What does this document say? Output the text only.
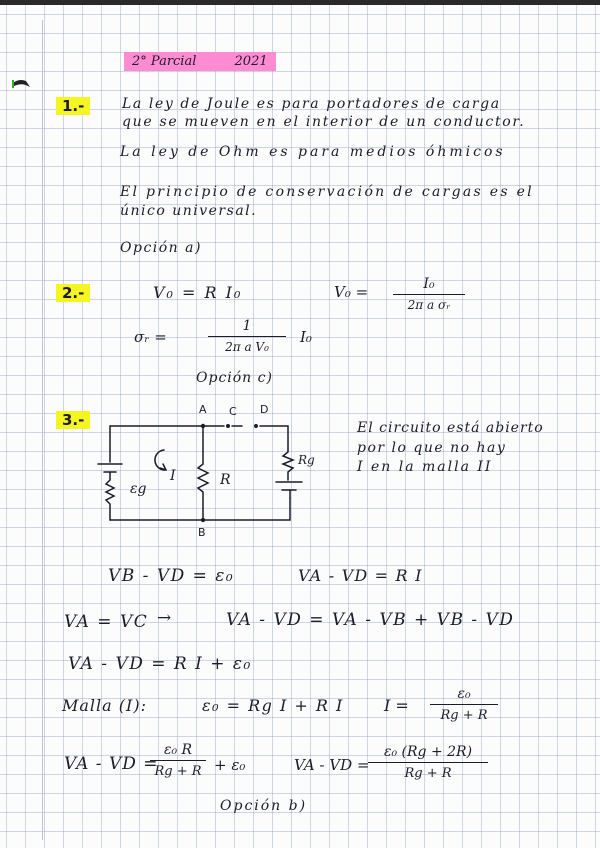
2° Parcial	2021
1.-	La ley de Joule es para portadores de carga
que se mueven en el interior de un conductor.
La ley de Ohm es para medios óhmicos
El principio de conservación de cargas es el
único universal.
Opción a)
2.-	V₀ = R I₀	$V_0 = \frac{\text{I₀}}{\text{2π a σᵣ}}$
σᵣ =	$\frac{1}{\text{2π a V₀}} I_0$
Opción c)
3.-
A C D
B
I	R
εg
Rg
El circuito está abierto
por lo que no hay
I en la malla II
VB - VD = ε₀	VA - VD = R I
VA = VC →	VA - VD = VA - VB + VB - VD
VA - VD = R I + ε₀
Malla (I):	ε₀ = Rg I + R I	$I = \frac{\text{ε₀}}{Rg + R}$
VA - VD =
$\frac{\text{ε₀ R}}{Rg + R} + \varepsilon_0$	VA - VD =
$\frac{\text{ε₀ (Rg + 2R)}}{Rg + R}$
Opción b)
